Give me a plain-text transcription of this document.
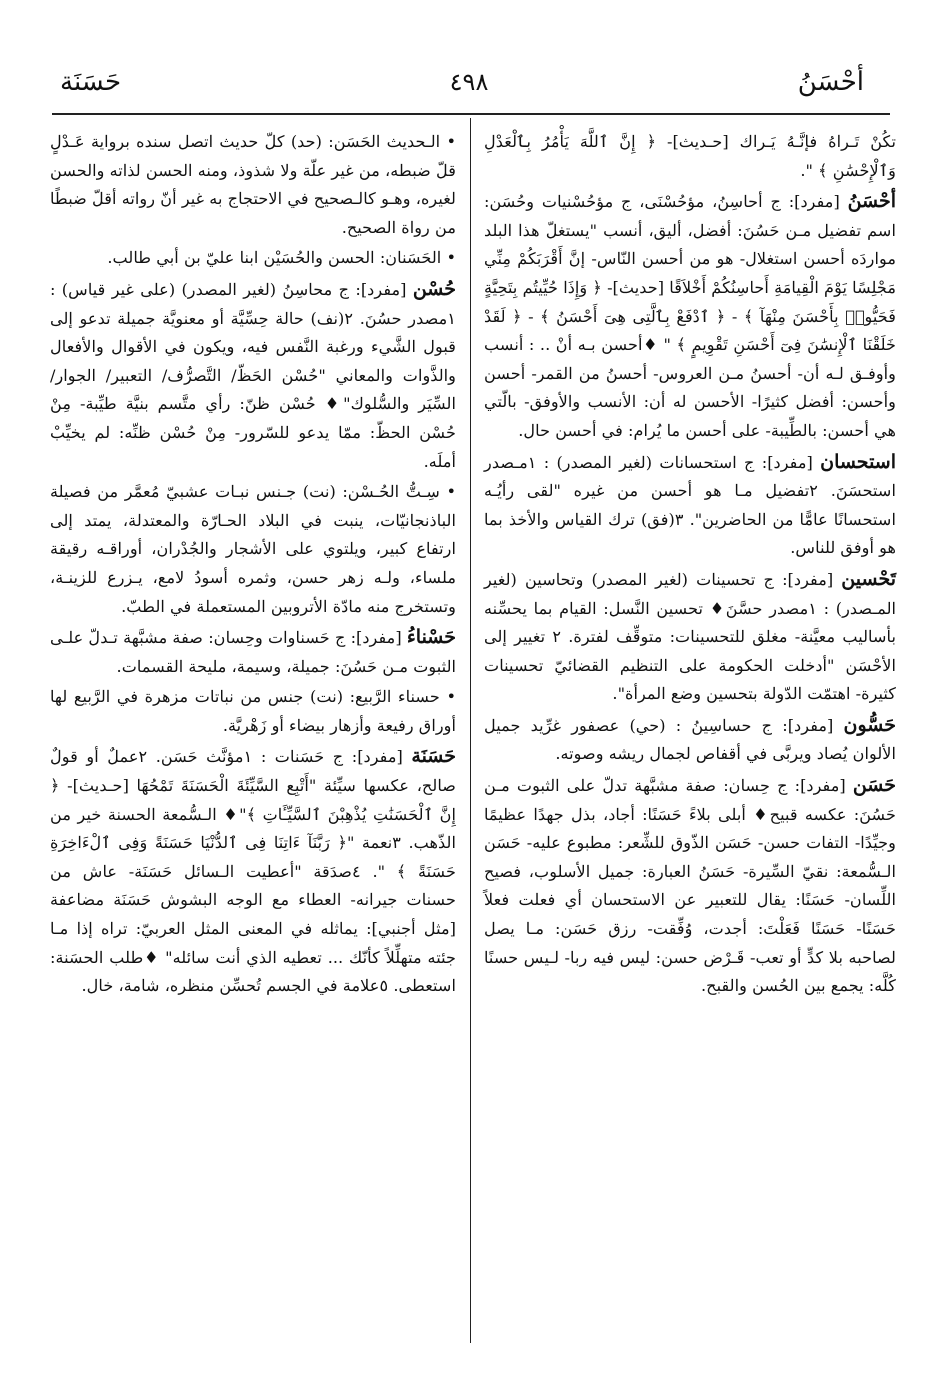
أحْسَنُ
٤٩٨
حَسَنَة

تكُنْ تَـراهُ فإنَّـهُ يَـراك [حـديث]- ﴿ إِنَّ ٱللَّهَ يَأْمُرُ بِٱلْعَدْلِ وَٱلْإِحْسَٰنِ ﴾ ".

أحْسَنُ [مفرد]: ج أحاسِنُ، مؤحُسْنَى، ج مؤحُسْنيات وحُسَن: اسم تفضيل مـن حَسُنَ: أفضل، أليق، أنسب "يستغلّ هذا البلد مواردَه أحسن استغلال- هو من أحسن النّاس- إنَّ أَقْرَبَكُمْ مِنِّي مَجْلِسًا يَوْمَ الْقِيامَةِ أَحاسِنُكُمْ أَخْلاَقًا [حديث]- ﴿ وَإِذَا حُيِّيتُم بِتَحِيَّةٍ فَحَيُّوا۟ بِأَحْسَنَ مِنْهَآ ﴾ - ﴿ ٱدْفَعْ بِٱلَّتِى هِىَ أَحْسَنُ ﴾ - ﴿ لَقَدْ خَلَقْنَا ٱلْإِنسَٰنَ فِىٓ أَحْسَنِ تَقْوِيمٍ ﴾ " ♦أحسن بـه أنْ .. : أنسب وأوفـق لـه أن- أحسنُ مـن العروس- أحسنُ من القمر- أحسن وأحسن: أفضل كثيرًا- الأحسن له أن: الأنسب والأوفق- بالّتي هي أحسن: بالطِّيبة- على أحسن ما يُرام: في أحسن حال.

استحسان [مفرد]: ج استحسانات (لغير المصدر) : ١مـصدر استحسَنَ. ٢تفضيل مـا هو أحسن من غيره "لقى رأيُـه استحسانًا عامًّا من الحاضرين". ٣(فق) ترك القياس والأخذ بما هو أوفق للناس.

تَحْسين [مفرد]: ج تحسينات (لغير المصدر) وتحاسين (لغير المـصدر) : ١مصدر حسَّنَ♦ تحسين النَّسل: القيام بما يحسِّنه بأساليب معيَّنة- مغلق للتحسينات: متوقِّف لفترة. ٢ تغيير إلى الأحْسَن "أدخلت الحكومة على التنظيم القضائيّ تحسينات كثيرة- اهتمّت الدّولة بتحسين وضع المرأة".

حَسُّون [مفرد]: ج حساسِينُ : (حي) عصفور غرِّيد جميل الألوان يُصاد ويربَّى في أقفاص لجمال ريشه وصوته.

حَسَن [مفرد]: ج حِسان: صفة مشبَّهة تدلّ على الثبوت مـن حَسُنَ: عكسه قبيح♦ أبلى بلاءً حَسَنًا: أجاد، بذل جهدًا عظيمًا وجيِّدًا- التفات حسن- حَسَن الذّوق للشِّعر: مطبوع عليه- حَسَن الـسُّمعة: نقيّ السِّيرة- حَسَنُ العبارة: جميل الأسلوب، فصيح اللِّسان- حَسَنًا: يقال للتعبير عن الاستحسان أي فعلت فعلاً حَسَنًا- حَسَنًا فَعَلْتَ: أجدت، وُفِّقت- رزق حَسَن: مـا يصل لصاحبه بلا كدٍّ أو تعب- قَـرْض حسن: ليس فيه ربا- لـيس حسنًا كُلَّه: يجمع بين الحُسن والقبح.

• الـحديث الحَسَن: (حد) كلّ حديث اتصل سنده برواية عَـدْلٍ قلّ ضبطه، من غير علّة ولا شذوذ، ومنه الحسن لذاته والحسن لغيره، وهـو كالـصحيح في الاحتجاج به غير أنّ رواته أقلّ ضبطًا من رواة الصحيح.

• الحَسَنان: الحسن والحُسَيْن ابنا عليّ بن أبي طالب.

حُسْن [مفرد]: ج محاسِنُ (لغير المصدر) (على غير قياس) : ١مصدر حسُنَ. ٢(نف) حالة حِسِّيَّة أو معنويَّة جميلة تدعو إلى قبول الشَّيء ورغبة النَّفس فيه، ويكون في الأقوال والأفعال والذَّوات والمعاني "حُسْن الحَظّ/ التَّصرُّف/ التعبير/ الجوار/ السِّيَر والسُّلوك"♦ حُسْن ظنّ: رأي متَّسم بنيَّة طيِّبة- مِنْ حُسْن الحظّ: ممّا يدعو للسّرور- مِنْ حُسْن ظنِّه: لم يخيِّبْ أملَه.

• سِـتُّ الحُـسْن: (نت) جـنس نبـات عشبيّ مُعمَّر من فصيلة الباذنجانيّات، ينبت في البلاد الحـارّة والمعتدلة، يمتد إلى ارتفاع كبير، ويلتوي على الأشجار والجُدْران، أوراقـه رقيقة ملساء، ولـه زهر حسن، وثمره أسودُ لامع، يـزرع للزينـة، وتستخرج منه مادّة الأتروبين المستعملة في الطبّ.

حَسْناءُ [مفرد]: ج حَسناوات وحِسان: صفة مشبَّهة تـدلّ علـى الثبوت مـن حَسُنَ: جميلة، وسيمة، مليحة القسمات.

• حسناء الرَّبيع: (نت) جنس من نباتات مزهرة في الرَّبيع لها أوراق رفيعة وأزهار بيضاء أو زَهْريَّة.

حَسَنَة [مفرد]: ج حَسَنات : ١مؤنَّث حَسَن. ٢عملٌ أو قولٌ صالح، عكسها سيِّئة "أَتْبِع السَّيِّئَةَ الْحَسَنَةَ تَمْحُهَا [حـديث]- ﴿ إِنَّ ٱلْحَسَنَٰتِ يُذْهِبْنَ ٱلسَّيِّـَٔاتِ ﴾"♦ الـسُّمعة الحسنة خير من الذّهب. ٣نعمة "﴿ رَبَّنَآ ءَاتِنَا فِى ٱلدُّنْيَا حَسَنَةً وَفِى ٱلْءَاخِرَةِ حَسَنَةً ﴾ ". ٤صدَقة "أعطيت الـسائل حَسَنَة- عاش من حسنات جيرانه- العطاء مع الوجه البشوش حَسَنَة مضاعفة [مثل أجنبي]: يماثله في المعنى المثل العربيّ: تراه إذا مـا جئته متهلِّلاً كأنّك ... تعطيه الذي أنت سائله" ♦طلب الحسَنة: استعطى. ٥علامة في الجسم تُحسِّن منظره، شامة، خال.
